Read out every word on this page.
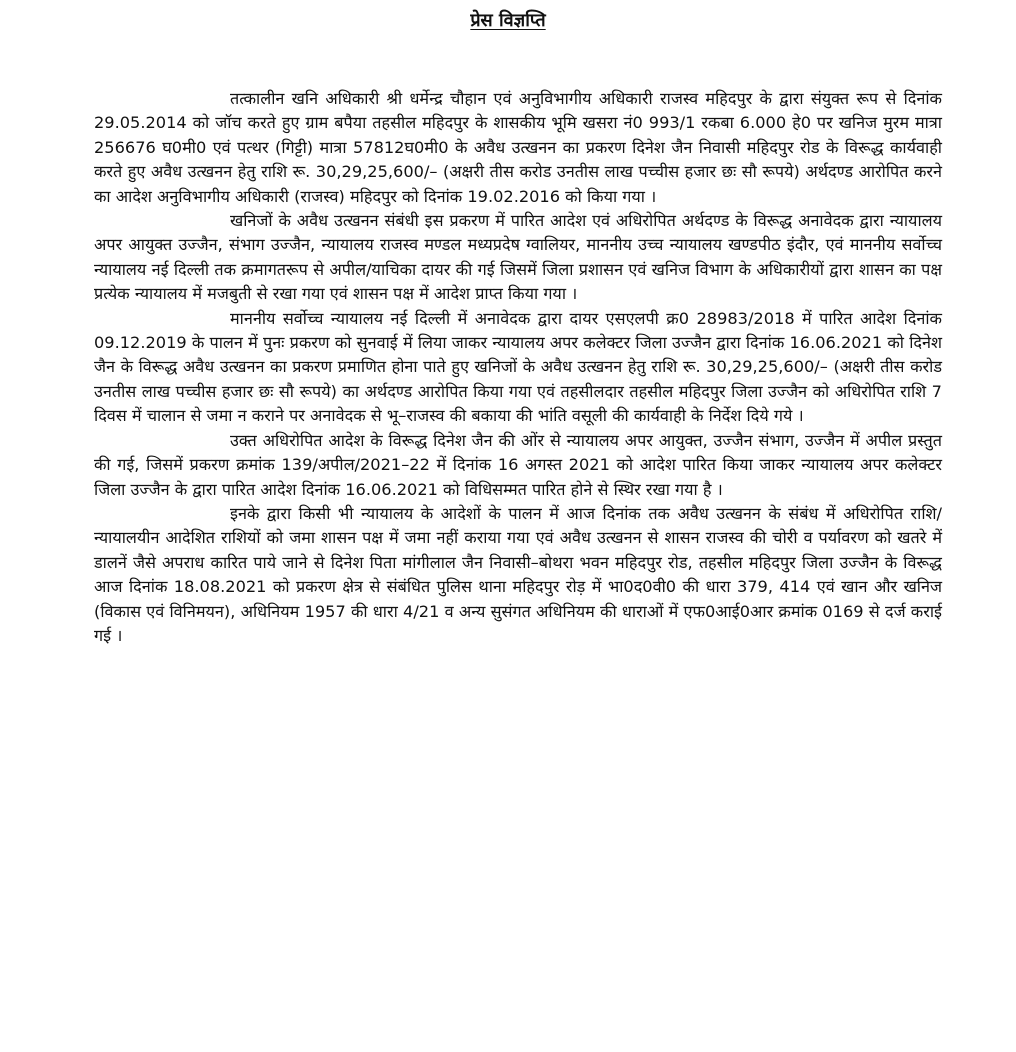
प्रेस विज्ञप्ति

तत्कालीन खनि अधिकारी श्री धर्मेन्द्र चौहान एवं अनुविभागीय अधिकारी राजस्व महिदपुर के द्वारा संयुक्त रूप से दिनांक 29.05.2014 को जॉच करते हुए ग्राम बपैया तहसील महिदपुर के शासकीय भूमि खसरा नं0 993/1 रकबा 6.000 हे0 पर खनिज मुरम मात्रा 256676 घ0मी0 एवं पत्थर (गिट्टी) मात्रा 57812घ0मी0 के अवैध उत्खनन का प्रकरण दिनेश जैन निवासी महिदपुर रोड के विरूद्ध कार्यवाही करते हुए अवैध उत्खनन हेतु राशि रू. 30,29,25,600/– (अक्षरी तीस करोड उनतीस लाख पच्चीस हजार छः सौ रूपये) अर्थदण्ड आरोपित करने का आदेश अनुविभागीय अधिकारी (राजस्व) महिदपुर को दिनांक 19.02.2016 को किया गया ।

खनिजों के अवैध उत्खनन संबंधी इस प्रकरण में पारित आदेश एवं अधिरोपित अर्थदण्ड के विरूद्ध अनावेदक द्वारा न्यायालय अपर आयुक्त उज्जैन, संभाग उज्जैन, न्यायालय राजस्व मण्डल मध्यप्रदेष ग्वालियर, माननीय उच्च न्यायालय खण्डपीठ इंदौर, एवं माननीय सर्वोच्च न्यायालय नई दिल्ली तक क्रमागतरूप से अपील/याचिका दायर की गई जिसमें जिला प्रशासन एवं खनिज विभाग के अधिकारीयों द्वारा शासन का पक्ष प्रत्येक न्यायालय में मजबुती से रखा गया एवं शासन पक्ष में आदेश प्राप्त किया गया ।

माननीय सर्वोच्च न्यायालय नई दिल्ली में अनावेदक द्वारा दायर एसएलपी क्र0 28983/2018 में पारित आदेश दिनांक 09.12.2019 के पालन में पुनः प्रकरण को सुनवाई में लिया जाकर न्यायालय अपर कलेक्टर जिला उज्जैन द्वारा दिनांक 16.06.2021 को दिनेश जैन के विरूद्ध अवैध उत्खनन का प्रकरण प्रमाणित होना पाते हुए खनिजों के अवैध उत्खनन हेतु राशि रू. 30,29,25,600/– (अक्षरी तीस करोड उनतीस लाख पच्चीस हजार छः सौ रूपये) का अर्थदण्ड आरोपित किया गया एवं तहसीलदार तहसील महिदपुर जिला उज्जैन को अधिरोपित राशि 7 दिवस में चालान से जमा न कराने पर अनावेदक से भू–राजस्व की बकाया की भांति वसूली की कार्यवाही के निर्देश दिये गये ।

उक्त अधिरोपित आदेश के विरूद्ध दिनेश जैन की ओंर से न्यायालय अपर आयुक्त, उज्जैन संभाग, उज्जैन में अपील प्रस्तुत की गई, जिसमें प्रकरण क्रमांक 139/अपील/2021–22 में दिनांक 16 अगस्त 2021 को आदेश पारित किया जाकर न्यायालय अपर कलेक्टर जिला उज्जैन के द्वारा पारित आदेश दिनांक 16.06.2021 को विधिसम्मत पारित होने से स्थिर रखा गया है ।

इनके द्वारा किसी भी न्यायालय के आदेशों के पालन में आज दिनांक तक अवैध उत्खनन के संबंध में अधिरोपित राशि/न्यायालयीन आदेशित राशियों को जमा शासन पक्ष में जमा नहीं कराया गया एवं अवैध उत्खनन से शासन राजस्व की चोरी व पर्यावरण को खतरे में डालनें जैसे अपराध कारित पाये जाने से दिनेश पिता मांगीलाल जैन निवासी–बोथरा भवन महिदपुर रोड, तहसील महिदपुर जिला उज्जैन के विरूद्ध आज दिनांक 18.08.2021 को प्रकरण क्षेत्र से संबंधित पुलिस थाना महिदपुर रोड़ में भा0द0वी0 की धारा 379, 414 एवं खान और खनिज (विकास एवं विनिमयन), अधिनियम 1957 की धारा 4/21 व अन्य सुसंगत अधिनियम की धाराओं में एफ0आई0आर क्रमांक 0169 से दर्ज कराई गई ।
